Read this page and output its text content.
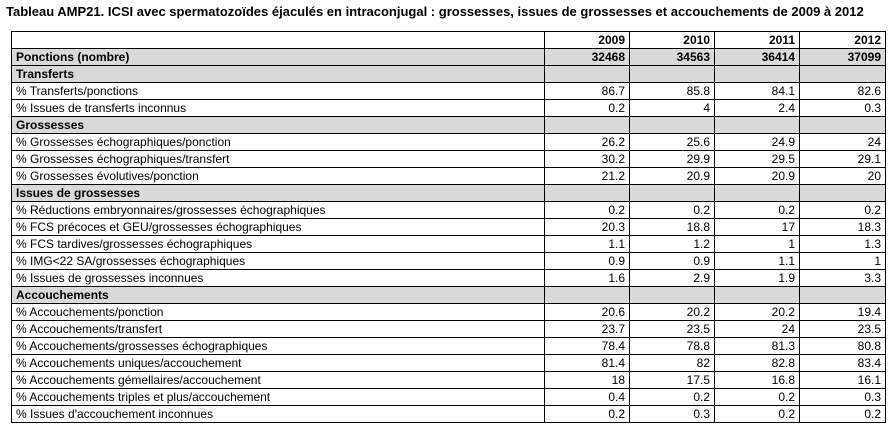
Tableau AMP21. ICSI avec spermatozoïdes éjaculés en intraconjugal : grossesses, issues de grossesses et accouchements de 2009 à 2012
	2009	2010	2011	2012
Ponctions (nombre)	32468	34563	36414	37099
Transferts				
% Transferts/ponctions	86.7	85.8	84.1	82.6
% Issues de transferts inconnus	0.2	4	2.4	0.3
Grossesses				
% Grossesses échographiques/ponction	26.2	25.6	24.9	24
% Grossesses échographiques/transfert	30.2	29.9	29.5	29.1
% Grossesses évolutives/ponction	21.2	20.9	20.9	20
Issues de grossesses				
% Réductions embryonnaires/grossesses échographiques	0.2	0.2	0.2	0.2
% FCS précoces et GEU/grossesses échographiques	20.3	18.8	17	18.3
% FCS tardives/grossesses échographiques	1.1	1.2	1	1.3
% IMG<22 SA/grossesses échographiques	0.9	0.9	1.1	1
% Issues de grossesses inconnues	1.6	2.9	1.9	3.3
Accouchements				
% Accouchements/ponction	20.6	20.2	20.2	19.4
% Accouchements/transfert	23.7	23.5	24	23.5
% Accouchements/grossesses échographiques	78.4	78.8	81.3	80.8
% Accouchements uniques/accouchement	81.4	82	82.8	83.4
% Accouchements gémellaires/accouchement	18	17.5	16.8	16.1
% Accouchements triples et plus/accouchement	0.4	0.2	0.2	0.3
% Issues d'accouchement inconnues	0.2	0.3	0.2	0.2
